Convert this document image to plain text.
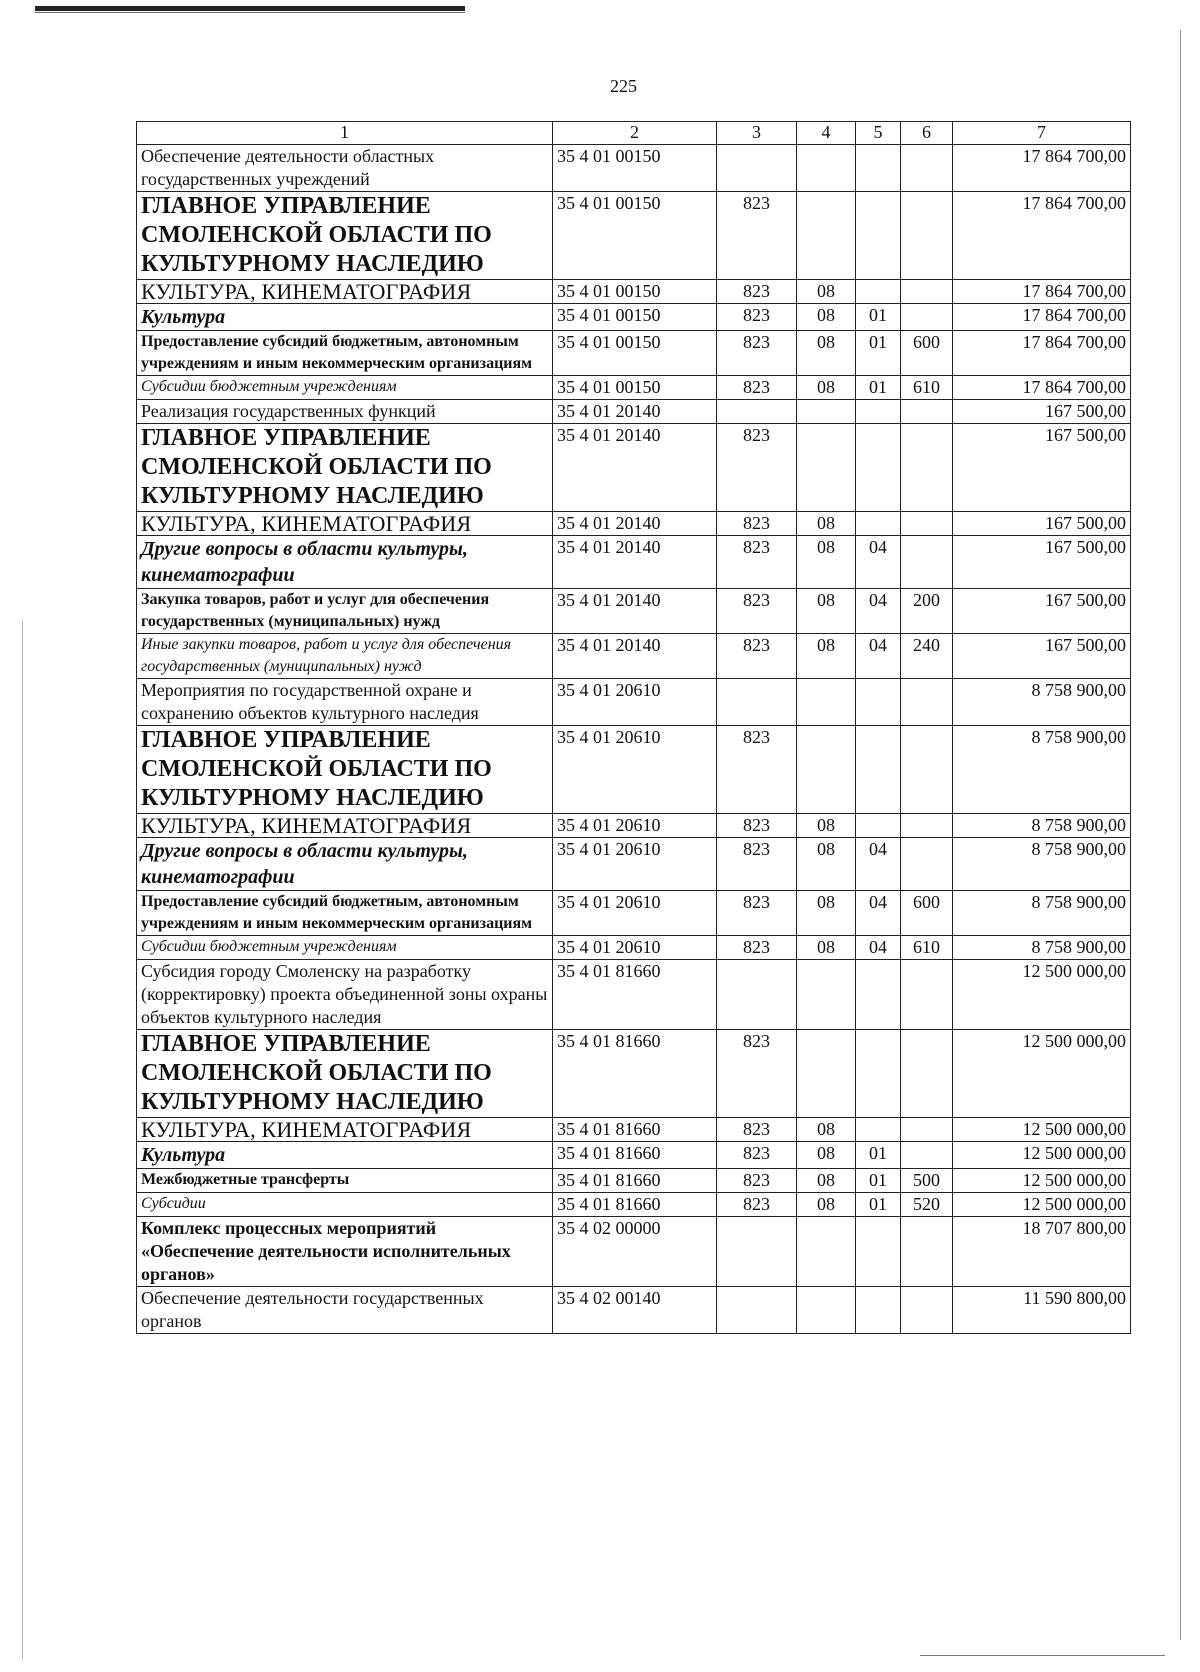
225
1	2	3	4	5	6	7
Обеспечение деятельности областных государственных учреждений	35 4 01 00150					17 864 700,00
ГЛАВНОЕ УПРАВЛЕНИЕ СМОЛЕНСКОЙ ОБЛАСТИ ПО КУЛЬТУРНОМУ НАСЛЕДИЮ	35 4 01 00150	823				17 864 700,00
КУЛЬТУРА, КИНЕМАТОГРАФИЯ	35 4 01 00150	823	08			17 864 700,00
Культура	35 4 01 00150	823	08	01		17 864 700,00
Предоставление субсидий бюджетным, автономным учреждениям и иным некоммерческим организациям	35 4 01 00150	823	08	01	600	17 864 700,00
Субсидии бюджетным учреждениям	35 4 01 00150	823	08	01	610	17 864 700,00
Реализация государственных функций	35 4 01 20140					167 500,00
ГЛАВНОЕ УПРАВЛЕНИЕ СМОЛЕНСКОЙ ОБЛАСТИ ПО КУЛЬТУРНОМУ НАСЛЕДИЮ	35 4 01 20140	823				167 500,00
КУЛЬТУРА, КИНЕМАТОГРАФИЯ	35 4 01 20140	823	08			167 500,00
Другие вопросы в области культуры, кинематографии	35 4 01 20140	823	08	04		167 500,00
Закупка товаров, работ и услуг для обеспечения государственных (муниципальных) нужд	35 4 01 20140	823	08	04	200	167 500,00
Иные закупки товаров, работ и услуг для обеспечения государственных (муниципальных) нужд	35 4 01 20140	823	08	04	240	167 500,00
Мероприятия по государственной охране и сохранению объектов культурного наследия	35 4 01 20610					8 758 900,00
ГЛАВНОЕ УПРАВЛЕНИЕ СМОЛЕНСКОЙ ОБЛАСТИ ПО КУЛЬТУРНОМУ НАСЛЕДИЮ	35 4 01 20610	823				8 758 900,00
КУЛЬТУРА, КИНЕМАТОГРАФИЯ	35 4 01 20610	823	08			8 758 900,00
Другие вопросы в области культуры, кинематографии	35 4 01 20610	823	08	04		8 758 900,00
Предоставление субсидий бюджетным, автономным учреждениям и иным некоммерческим организациям	35 4 01 20610	823	08	04	600	8 758 900,00
Субсидии бюджетным учреждениям	35 4 01 20610	823	08	04	610	8 758 900,00
Субсидия городу Смоленску на разработку (корректировку) проекта объединенной зоны охраны объектов культурного наследия	35 4 01 81660					12 500 000,00
ГЛАВНОЕ УПРАВЛЕНИЕ СМОЛЕНСКОЙ ОБЛАСТИ ПО КУЛЬТУРНОМУ НАСЛЕДИЮ	35 4 01 81660	823				12 500 000,00
КУЛЬТУРА, КИНЕМАТОГРАФИЯ	35 4 01 81660	823	08			12 500 000,00
Культура	35 4 01 81660	823	08	01		12 500 000,00
Межбюджетные трансферты	35 4 01 81660	823	08	01	500	12 500 000,00
Субсидии	35 4 01 81660	823	08	01	520	12 500 000,00
Комплекс процессных мероприятий «Обеспечение деятельности исполнительных органов»	35 4 02 00000					18 707 800,00
Обеспечение деятельности государственных органов	35 4 02 00140					11 590 800,00
